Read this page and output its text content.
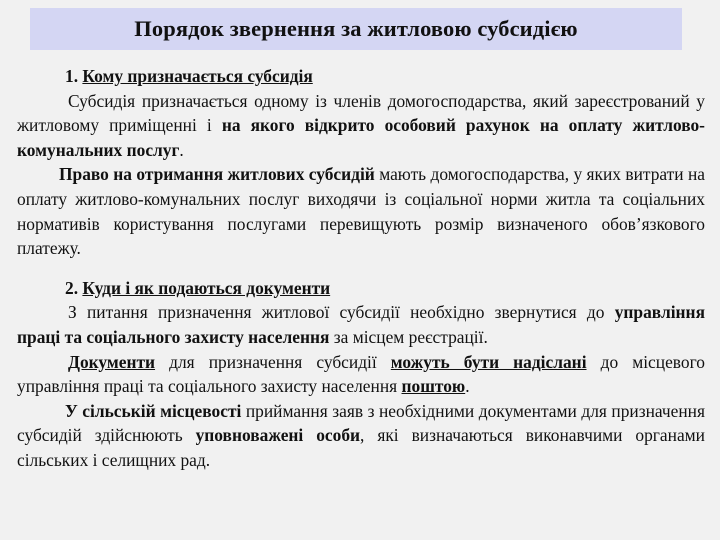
Порядок звернення за житловою субсидією

1. Кому призначається субсидія

Субсидія призначається одному із членів домогосподарства, який зареєстрований у житловому приміщенні і на якого відкрито особовий рахунок на оплату житлово-комунальних послуг.

Право на отримання житлових субсидій мають домогосподарства, у яких витрати на оплату житлово-комунальних послуг виходячи із соціальної норми житла та соціальних нормативів користування послугами перевищують розмір визначеного обов’язкового платежу.

2. Куди і як подаються документи

З питання призначення житлової субсидії необхідно звернутися до управління праці та соціального захисту населення за місцем реєстрації.

Документи для призначення субсидії можуть бути надіслані до місцевого управління праці та соціального захисту населення поштою.

У сільській місцевості приймання заяв з необхідними документами для призначення субсидій здійснюють уповноважені особи, які визначаються виконавчими органами сільських і селищних рад.
